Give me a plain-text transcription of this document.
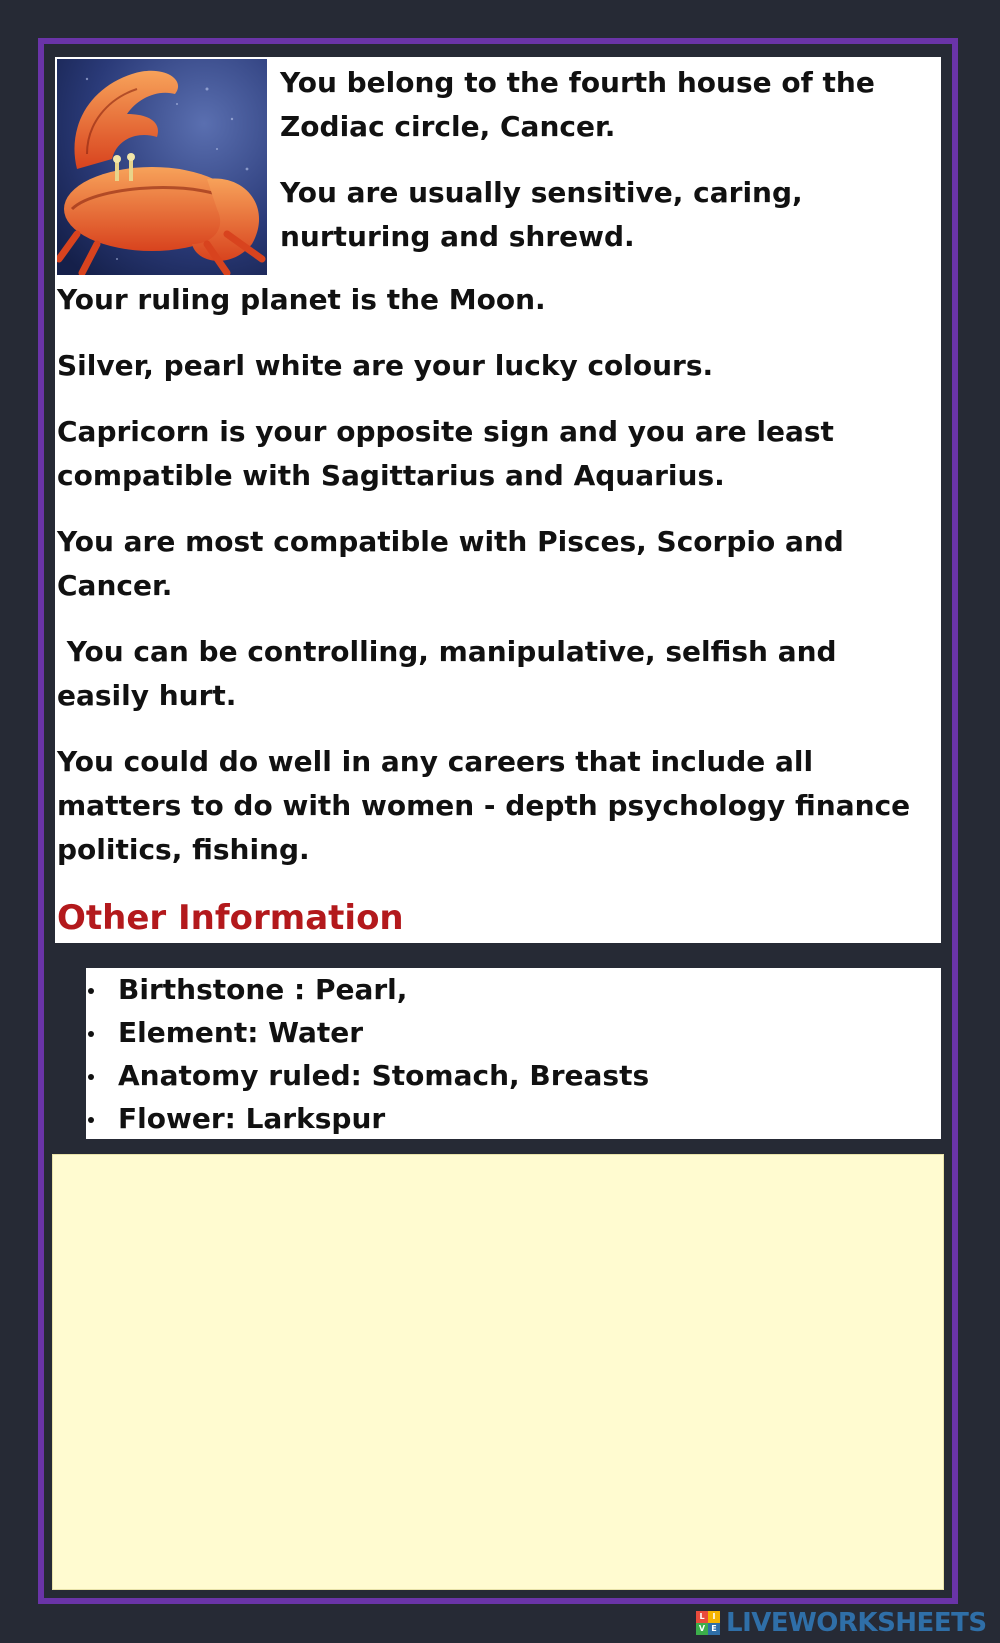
You belong to the fourth house of the Zodiac circle, Cancer.

You are usually sensitive, caring, nurturing and shrewd.

Your ruling planet is the Moon.

Silver, pearl white are your lucky colours.

Capricorn is your opposite sign and you are least compatible with Sagittarius and Aquarius.

You are most compatible with Pisces, Scorpio and Cancer.

You can be controlling, manipulative, selfish and easily hurt.

You could do well in any careers that include all matters to do with women - depth psychology finance politics, fishing.

Other Information
Birthstone : Pearl,
Element: Water
Anatomy ruled: Stomach, Breasts
Flower: Larkspur
L I
V E LIVEWORKSHEETS
